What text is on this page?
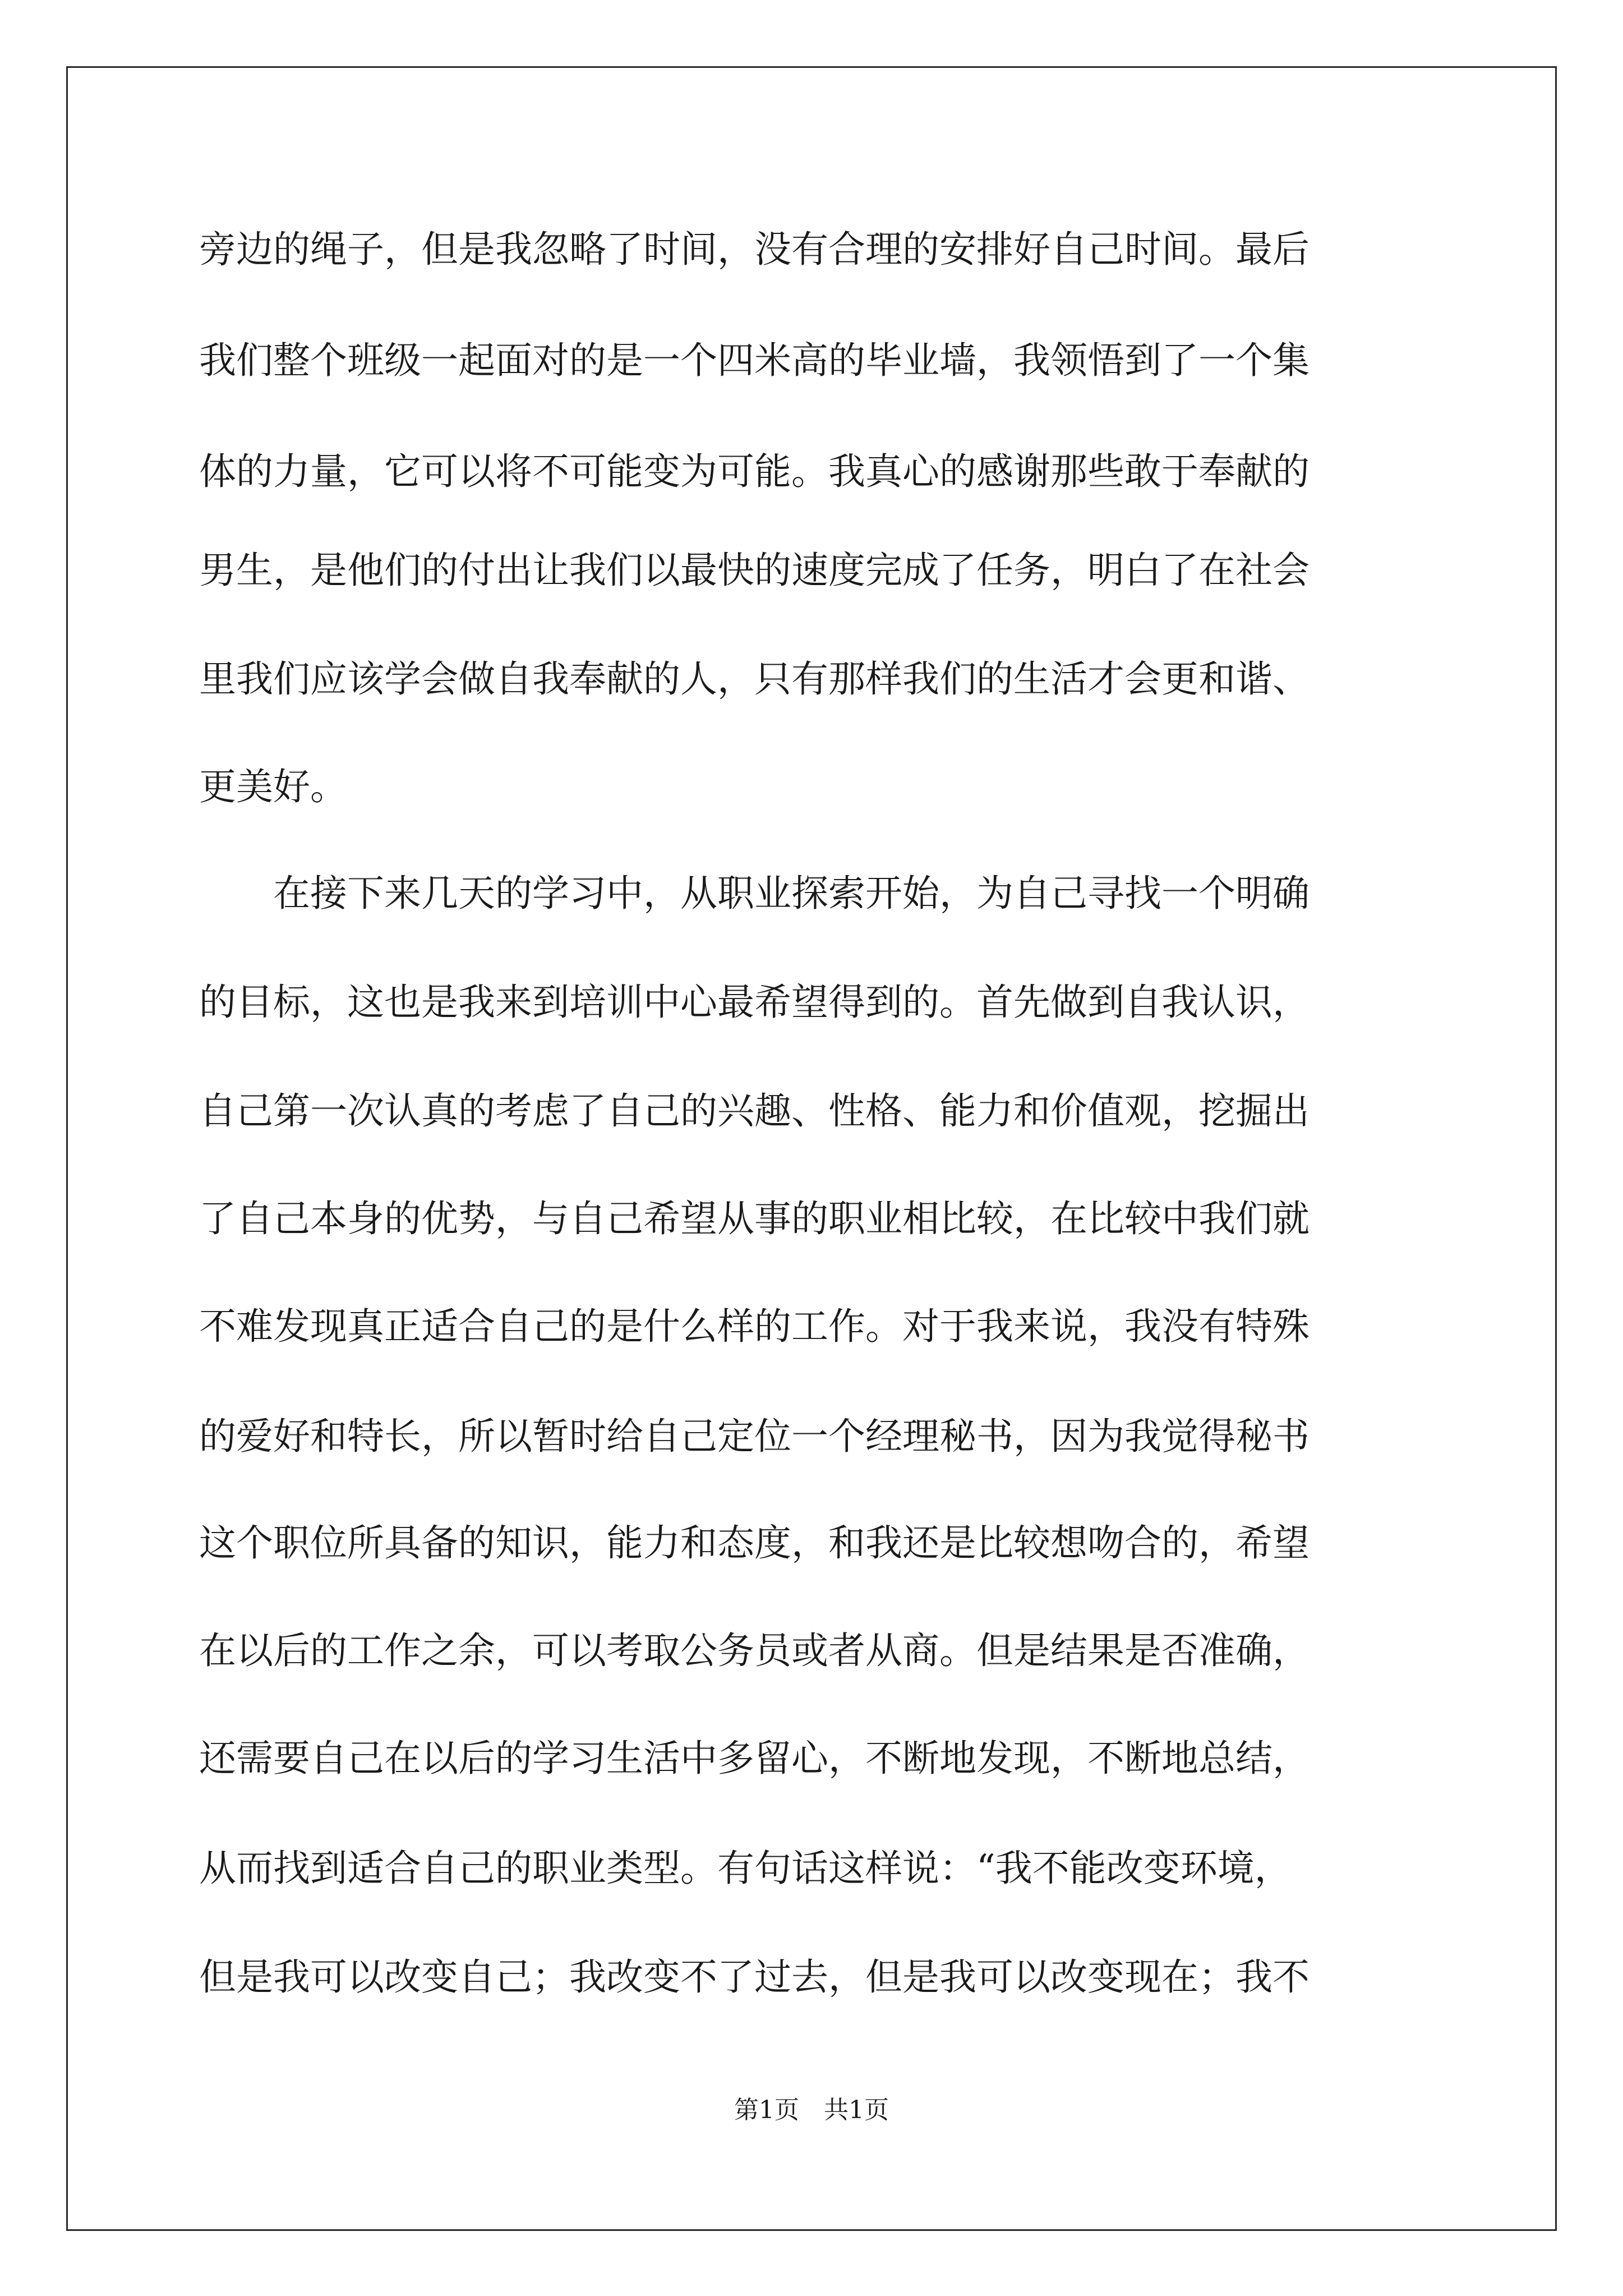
旁边的绳子，但是我忽略了时间，没有合理的安排好自己时间。最后
我们整个班级一起面对的是一个四米高的毕业墙，我领悟到了一个集
体的力量，它可以将不可能变为可能。我真心的感谢那些敢于奉献的
男生，是他们的付出让我们以最快的速度完成了任务，明白了在社会
里我们应该学会做自我奉献的人，只有那样我们的生活才会更和谐、
更美好。
　　在接下来几天的学习中，从职业探索开始，为自己寻找一个明确
的目标，这也是我来到培训中心最希望得到的。首先做到自我认识，
自己第一次认真的考虑了自己的兴趣、性格、能力和价值观，挖掘出
了自己本身的优势，与自己希望从事的职业相比较，在比较中我们就
不难发现真正适合自己的是什么样的工作。对于我来说，我没有特殊
的爱好和特长，所以暂时给自己定位一个经理秘书，因为我觉得秘书
这个职位所具备的知识，能力和态度，和我还是比较想吻合的，希望
在以后的工作之余，可以考取公务员或者从商。但是结果是否准确，
还需要自己在以后的学习生活中多留心，不断地发现，不断地总结，
从而找到适合自己的职业类型。有句话这样说：“我不能改变环境，
但是我可以改变自己；我改变不了过去，但是我可以改变现在；我不
第1页　共1页
